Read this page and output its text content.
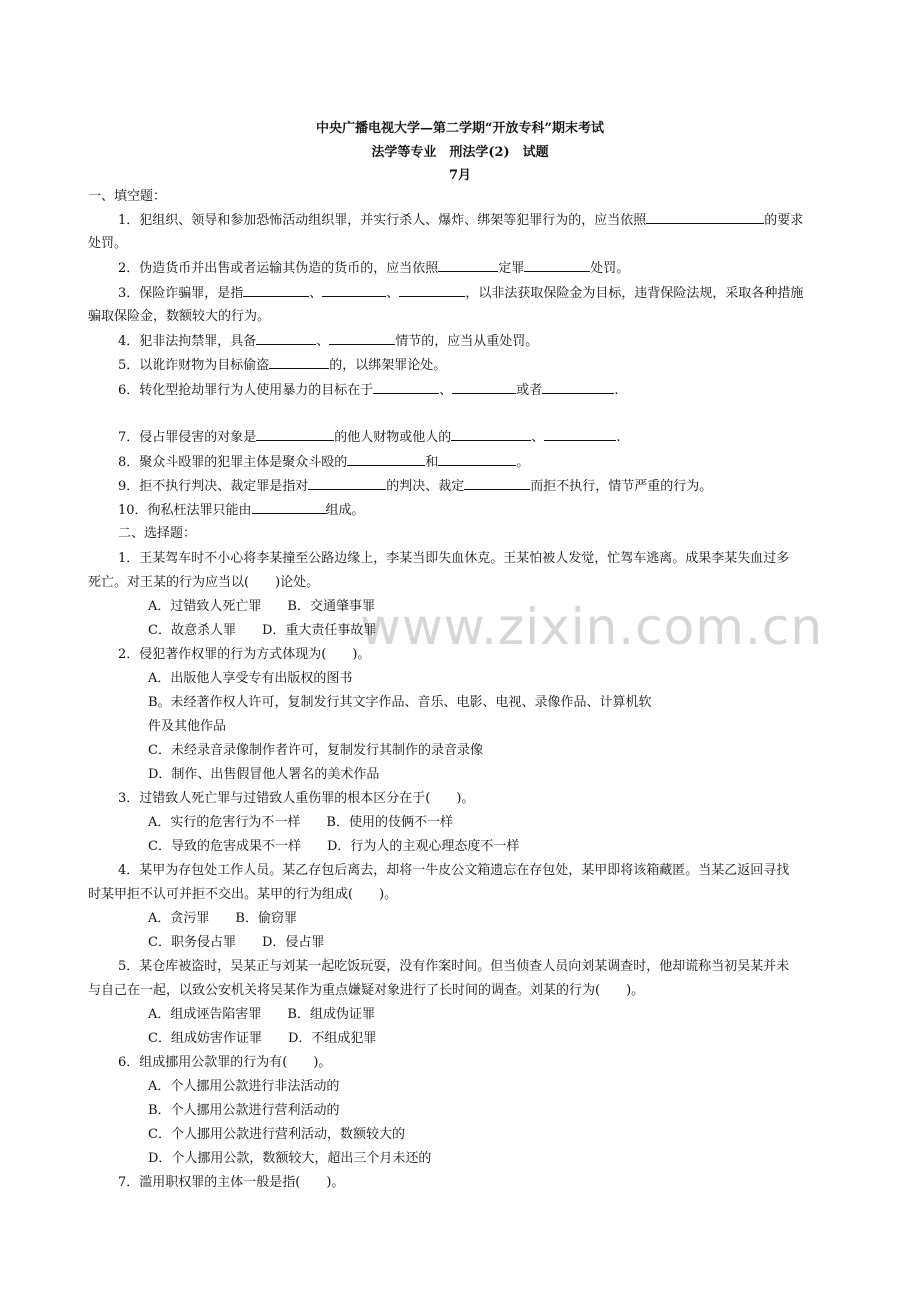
中央广播电视大学—第二学期“开放专科”期末考试
法学等专业　刑法学(2)　试题
7月
www.zixin.com.cn
一、填空题：
1．犯组织、领导和参加恐怖活动组织罪，并实行杀人、爆炸、绑架等犯罪行为的，应当依照	的要求
处罚。
2．伪造货币并出售或者运输其伪造的货币的，应当依照	定罪	处罚。
3．保险诈骗罪，是指	、	、	，以非法获取保险金为目标，违背保险法规，采取各种措施
骗取保险金，数额较大的行为。
4．犯非法拘禁罪，具备	、	情节的，应当从重处罚。
5．以讹诈财物为目标偷盗	的，以绑架罪论处。
6．转化型抢劫罪行为人使用暴力的目标在于	、	或者	.
7．侵占罪侵害的对象是	的他人财物或他人的	、	.
8．聚众斗殴罪的犯罪主体是聚众斗殴的	和	。
9．拒不执行判决、裁定罪是指对	的判决、裁定	而拒不执行，情节严重的行为。
10．徇私枉法罪只能由	组成。
二、选择题：
1．王某驾车时不小心将李某撞至公路边缘上，李某当即失血休克。王某怕被人发觉，忙驾车逃离。成果李某失血过多
死亡。对王某的行为应当以(　　)论处。
A．过错致人死亡罪　　B．交通肇事罪
C．故意杀人罪　　D．重大责任事故罪
2．侵犯著作权罪的行为方式体现为(　　)。
A．出版他人享受专有出版权的图书
B。未经著作权人许可，复制发行其文字作品、音乐、电影、电视、录像作品、计算机软
件及其他作品
C．未经录音录像制作者许可，复制发行其制作的录音录像
D．制作、出售假冒他人署名的美术作品
3．过错致人死亡罪与过错致人重伤罪的根本区分在于(　　)。
A．实行的危害行为不一样　　B．使用的伎俩不一样
C．导致的危害成果不一样　　D．行为人的主观心理态度不一样
4．某甲为存包处工作人员。某乙存包后离去，却将一牛皮公文箱遗忘在存包处，某甲即将该箱藏匿。当某乙返回寻找
时某甲拒不认可并拒不交出。某甲的行为组成(　　)。
A．贪污罪　　B．偷窃罪
C．职务侵占罪　　D．侵占罪
5．某仓库被盗时，吴某正与刘某一起吃饭玩耍，没有作案时间。但当侦查人员向刘某调查时，他却谎称当初吴某并未
与自己在一起，以致公安机关将吴某作为重点嫌疑对象进行了长时间的调查。刘某的行为(　　)。
A．组成诬告陷害罪　　B．组成伪证罪
C．组成妨害作证罪　　D．不组成犯罪
6．组成挪用公款罪的行为有(　　)。
A．个人挪用公款进行非法活动的
B．个人挪用公款进行营利活动的
C．个人挪用公款进行营利活动，数额较大的
D．个人挪用公款，数额较大，超出三个月未还的
7．滥用职权罪的主体一般是指(　　)。
